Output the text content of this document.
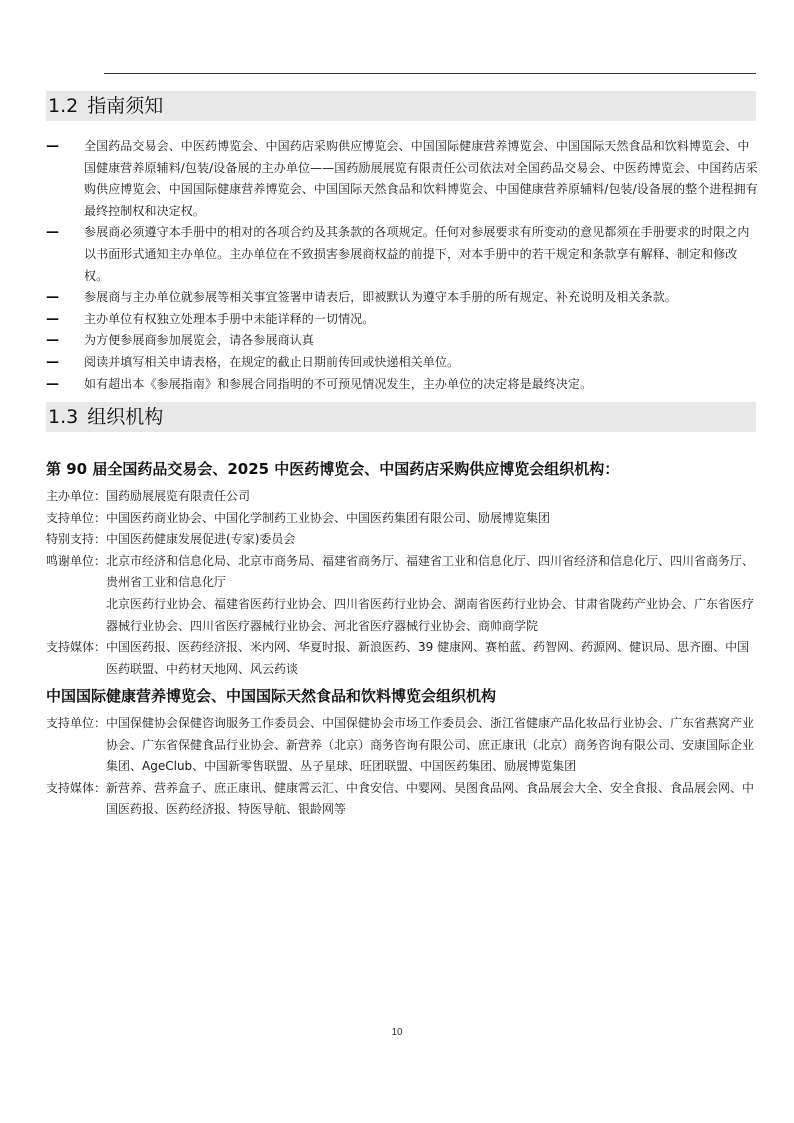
1.2 指南须知
— 全国药品交易会、中医药博览会、中国药店采购供应博览会、中国国际健康营养博览会、中国国际天然食品和饮料博览会、中国健康营养原辅料/包装/设备展的主办单位——国药励展展览有限责任公司依法对全国药品交易会、中医药博览会、中国药店采购供应博览会、中国国际健康营养博览会、中国国际天然食品和饮料博览会、中国健康营养原辅料/包装/设备展的整个进程拥有最终控制权和决定权。
— 参展商必须遵守本手册中的相对的各项合约及其条款的各项规定。任何对参展要求有所变动的意见都须在手册要求的时限之内以书面形式通知主办单位。主办单位在不致损害参展商权益的前提下，对本手册中的若干规定和条款享有解释、制定和修改权。
— 参展商与主办单位就参展等相关事宜签署申请表后，即被默认为遵守本手册的所有规定、补充说明及相关条款。
— 主办单位有权独立处理本手册中未能详释的一切情况。
— 为方便参展商参加展览会，请各参展商认真
— 阅读并填写相关申请表格，在规定的截止日期前传回或快递相关单位。
— 如有超出本《参展指南》和参展合同指明的不可预见情况发生，主办单位的决定将是最终决定。
1.3 组织机构
第 90 届全国药品交易会、2025 中医药博览会、中国药店采购供应博览会组织机构：
主办单位： 国药励展展览有限责任公司
支持单位： 中国医药商业协会、中国化学制药工业协会、中国医药集团有限公司、励展博览集团
特别支持： 中国医药健康发展促进(专家)委员会
鸣谢单位： 北京市经济和信息化局、北京市商务局、福建省商务厅、福建省工业和信息化厅、四川省经济和信息化厅、四川省商务厅、贵州省工业和信息化厅
北京医药行业协会、福建省医药行业协会、四川省医药行业协会、湖南省医药行业协会、甘肃省陇药产业协会、广东省医疗器械行业协会、四川省医疗器械行业协会、河北省医疗器械行业协会、商帅商学院
支持媒体： 中国医药报、医药经济报、米内网、华夏时报、新浪医药、39 健康网、赛柏蓝、药智网、药源网、健识局、思齐圈、中国医药联盟、中药材天地网、风云药谈
中国国际健康营养博览会、中国国际天然食品和饮料博览会组织机构
支持单位： 中国保健协会保健咨询服务工作委员会、中国保健协会市场工作委员会、浙江省健康产品化妆品行业协会、广东省燕窝产业协会、广东省保健食品行业协会、新营养（北京）商务咨询有限公司、庶正康讯（北京）商务咨询有限公司、安康国际企业集团、AgeClub、中国新零售联盟、丛子星球、旺团联盟、中国医药集团、励展博览集团
支持媒体： 新营养、营养盒子、庶正康讯、健康霄云汇、中食安信、中婴网、昊图食品网、食品展会大全、安全食报、食品展会网、中国医药报、医药经济报、特医导航、银龄网等
10
